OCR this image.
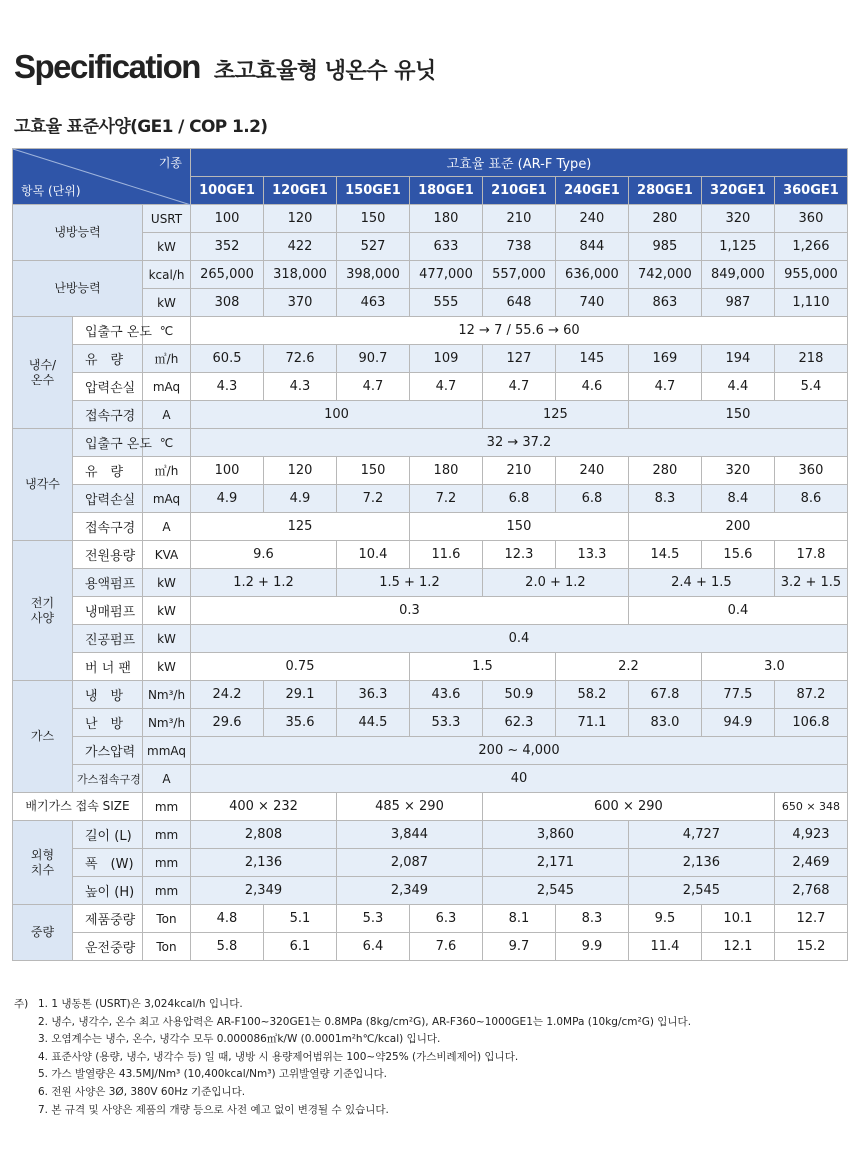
Specification 초고효율형 냉온수 유닛
고효율 표준사양(GE1 / COP 1.2)
기종
항목 (단위)			고효율 표준 (AR-F Type)								
			100GE1	120GE1	150GE1	180GE1	210GE1	240GE1	280GE1	320GE1	360GE1
냉방능력		USRT	100	120	150	180	210	240	280	320	360
		kW	352	422	527	633	738	844	985	1,125	1,266
난방능력		kcal/h	265,000	318,000	398,000	477,000	557,000	636,000	742,000	849,000	955,000
		kW	308	370	463	555	648	740	863	987	1,110
냉수/
온수	입출구 온도	℃	12 → 7 / 55.6 → 60								
	유　량	㎥/h	60.5	72.6	90.7	109	127	145	169	194	218
	압력손실	mAq	4.3	4.3	4.7	4.7	4.7	4.6	4.7	4.4	5.4
	접속구경	A	100				125		150		
냉각수	입출구 온도	℃	32 → 37.2								
	유　량	㎥/h	100	120	150	180	210	240	280	320	360
	압력손실	mAq	4.9	4.9	7.2	7.2	6.8	6.8	8.3	8.4	8.6
	접속구경	A	125			150			200		
전기
사양	전원용량	KVA	9.6		10.4	11.6	12.3	13.3	14.5	15.6	17.8
	용액펌프	kW	1.2 + 1.2		1.5 + 1.2		2.0 + 1.2		2.4 + 1.5		3.2 + 1.5
	냉매펌프	kW	0.3						0.4		
	진공펌프	kW	0.4								
	버 너 팬	kW	0.75			1.5		2.2		3.0	
가스	냉　방	Nm³/h	24.2	29.1	36.3	43.6	50.9	58.2	67.8	77.5	87.2
	난　방	Nm³/h	29.6	35.6	44.5	53.3	62.3	71.1	83.0	94.9	106.8
	가스압력	mmAq	200 ~ 4,000								
	가스접속구경	A	40								
배기가스 접속 SIZE		mm	400 × 232		485 × 290		600 × 290				650 × 348
외형
치수	길이 (L)	mm	2,808		3,844		3,860		4,727		4,923
	폭　(W)	mm	2,136		2,087		2,171		2,136		2,469
	높이 (H)	mm	2,349		2,349		2,545		2,545		2,768
중량	제품중량	Ton	4.8	5.1	5.3	6.3	8.1	8.3	9.5	10.1	12.7
	운전중량	Ton	5.8	6.1	6.4	7.6	9.7	9.9	11.4	12.1	15.2
주) 1. 1 냉동톤 (USRT)은 3,024kcal/h 입니다.
2. 냉수, 냉각수, 온수 최고 사용압력은 AR-F100~320GE1는 0.8MPa (8kg/cm²G), AR-F360~1000GE1는 1.0MPa (10kg/cm²G) 입니다.
3. 오염계수는 냉수, 온수, 냉각수 모두 0.000086㎡k/W (0.0001m²h℃/kcal) 입니다.
4. 표준사양 (용량, 냉수, 냉각수 등) 일 때, 냉방 시 용량제어범위는 100~약25% (가스비례제어) 입니다.
5. 가스 발열량은 43.5MJ/Nm³ (10,400kcal/Nm³) 고위발열량 기준입니다.
6. 전원 사양은 3Ø, 380V 60Hz 기준입니다.
7. 본 규격 및 사양은 제품의 개량 등으로 사전 예고 없이 변경될 수 있습니다.
